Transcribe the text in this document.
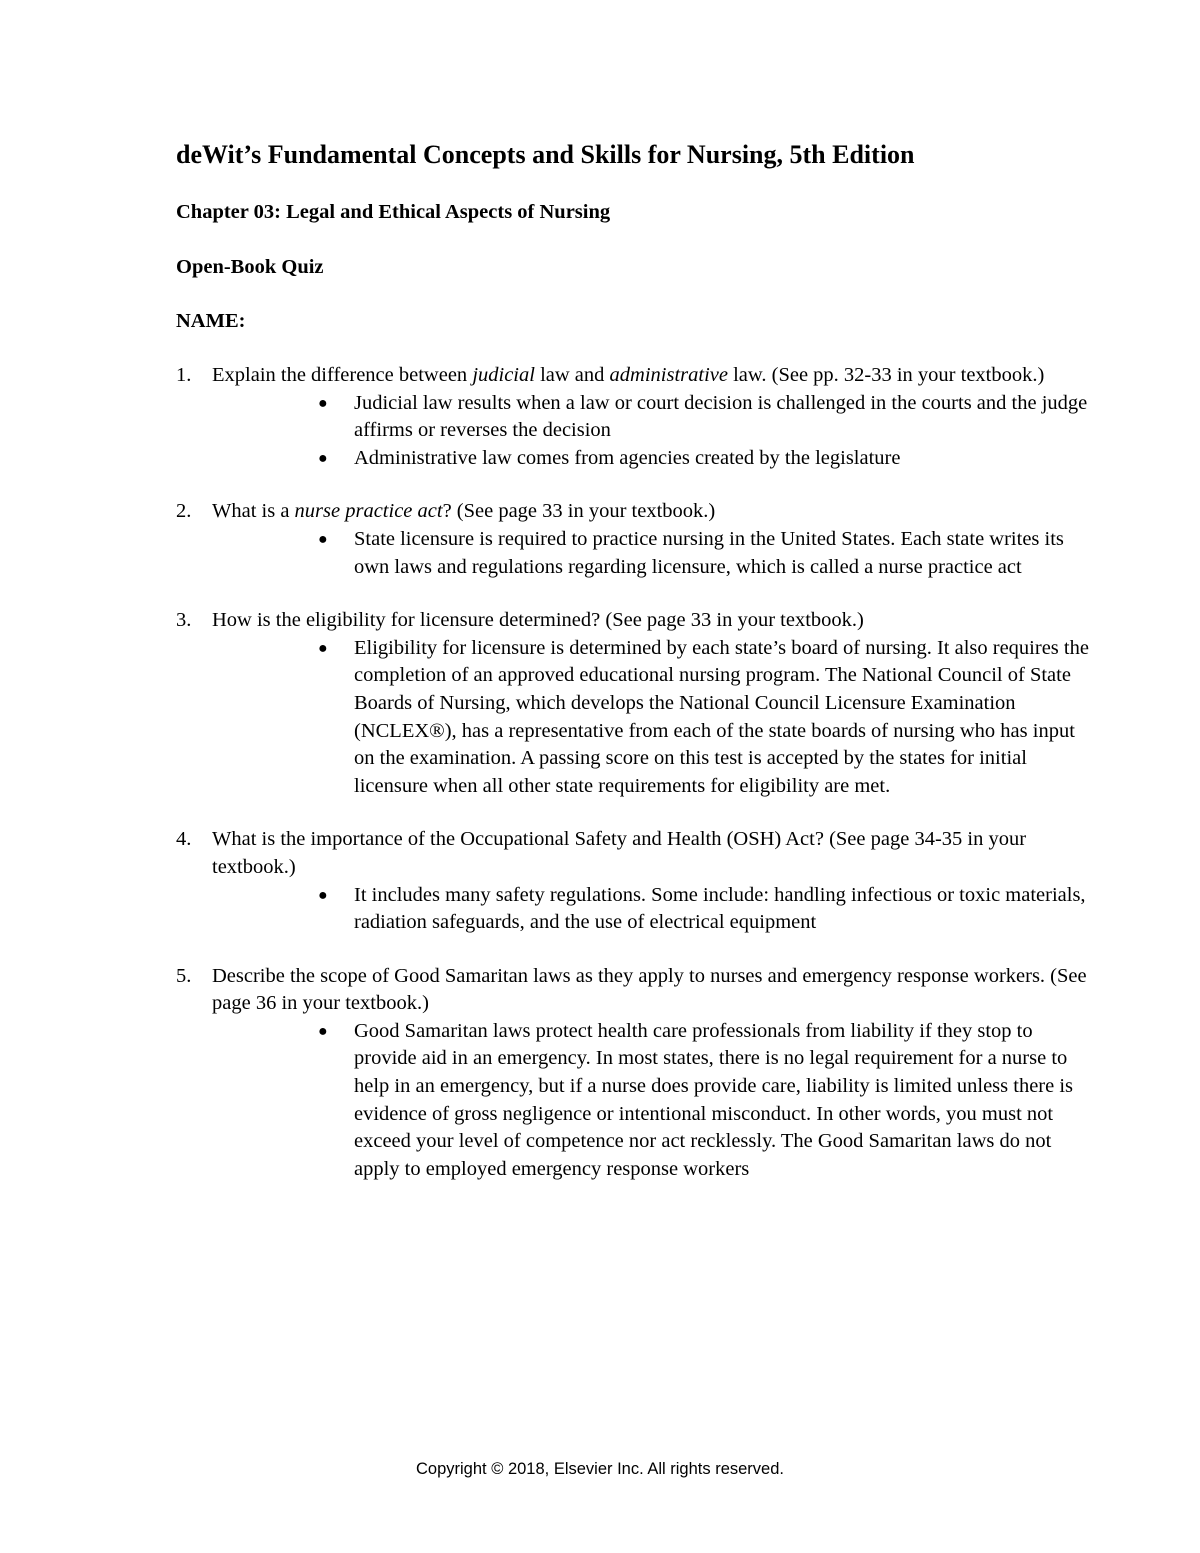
deWit’s Fundamental Concepts and Skills for Nursing, 5th Edition

Chapter 03: Legal and Ethical Aspects of Nursing

Open-Book Quiz

NAME:

1. Explain the difference between judicial law and administrative law. (See pp. 32-33 in your textbook.)
● Judicial law results when a law or court decision is challenged in the courts and the judge affirms or reverses the decision
● Administrative law comes from agencies created by the legislature
2. What is a nurse practice act? (See page 33 in your textbook.)
● State licensure is required to practice nursing in the United States. Each state writes its own laws and regulations regarding licensure, which is called a nurse practice act
3. How is the eligibility for licensure determined? (See page 33 in your textbook.)
● Eligibility for licensure is determined by each state’s board of nursing. It also requires the completion of an approved educational nursing program. The National Council of State Boards of Nursing, which develops the National Council Licensure Examination (NCLEX®), has a representative from each of the state boards of nursing who has input on the examination. A passing score on this test is accepted by the states for initial licensure when all other state requirements for eligibility are met.
4. What is the importance of the Occupational Safety and Health (OSH) Act? (See page 34-35 in your textbook.)
● It includes many safety regulations. Some include: handling infectious or toxic materials, radiation safeguards, and the use of electrical equipment
5. Describe the scope of Good Samaritan laws as they apply to nurses and emergency response workers. (See page 36 in your textbook.)
● Good Samaritan laws protect health care professionals from liability if they stop to provide aid in an emergency. In most states, there is no legal requirement for a nurse to help in an emergency, but if a nurse does provide care, liability is limited unless there is evidence of gross negligence or intentional misconduct. In other words, you must not exceed your level of competence nor act recklessly. The Good Samaritan laws do not apply to employed emergency response workers

Copyright © 2018, Elsevier Inc. All rights reserved.
